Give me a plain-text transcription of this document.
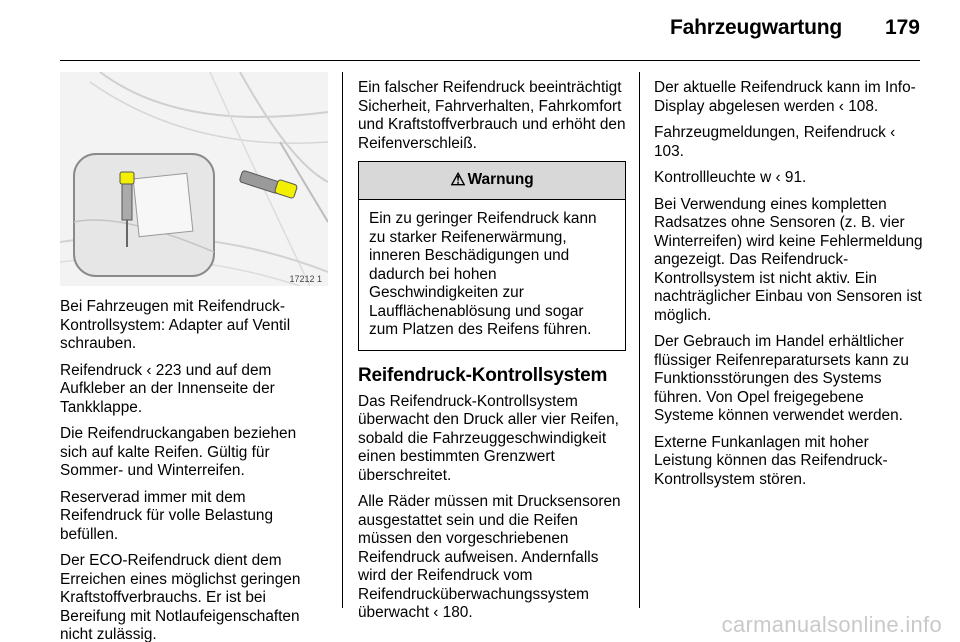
Fahrzeugwartung 179
17212 1

Bei Fahrzeugen mit Reifendruck-Kontrollsystem: Adapter auf Ventil schrauben.

Reifendruck ‹ 223 und auf dem Aufkleber an der Innenseite der Tankklappe.

Die Reifendruckangaben beziehen sich auf kalte Reifen. Gültig für Sommer- und Winterreifen.

Reserverad immer mit dem Reifendruck für volle Belastung befüllen.

Der ECO-Reifendruck dient dem Erreichen eines möglichst geringen Kraftstoffverbrauchs. Er ist bei Bereifung mit Notlaufeigenschaften nicht zulässig.

Ein falscher Reifendruck beeinträchtigt Sicherheit, Fahrverhalten, Fahrkomfort und Kraftstoffverbrauch und erhöht den Reifenverschleiß.

⚠ Warnung
Ein zu geringer Reifendruck kann zu starker Reifenerwärmung, inneren Beschädigungen und dadurch bei hohen Geschwindigkeiten zur Laufflächenablösung und sogar zum Platzen des Reifens führen.
Reifendruck-Kontrollsystem

Das Reifendruck-Kontrollsystem überwacht den Druck aller vier Reifen, sobald die Fahrzeuggeschwindigkeit einen bestimmten Grenzwert überschreitet.

Alle Räder müssen mit Drucksensoren ausgestattet sein und die Reifen müssen den vorgeschriebenen Reifendruck aufweisen. Andernfalls wird der Reifendruck vom Reifendrucküberwachungssystem überwacht ‹ 180.

Der aktuelle Reifendruck kann im Info-Display abgelesen werden ‹ 108.

Fahrzeugmeldungen, Reifendruck ‹ 103.

Kontrollleuchte w ‹ 91.

Bei Verwendung eines kompletten Radsatzes ohne Sensoren (z. B. vier Winterreifen) wird keine Fehlermeldung angezeigt. Das Reifendruck-Kontrollsystem ist nicht aktiv. Ein nachträglicher Einbau von Sensoren ist möglich.

Der Gebrauch im Handel erhältlicher flüssiger Reifenreparatursets kann zu Funktionsstörungen des Systems führen. Von Opel freigegebene Systeme können verwendet werden.

Externe Funkanlagen mit hoher Leistung können das Reifendruck-Kontrollsystem stören.

carmanualsonline.info
